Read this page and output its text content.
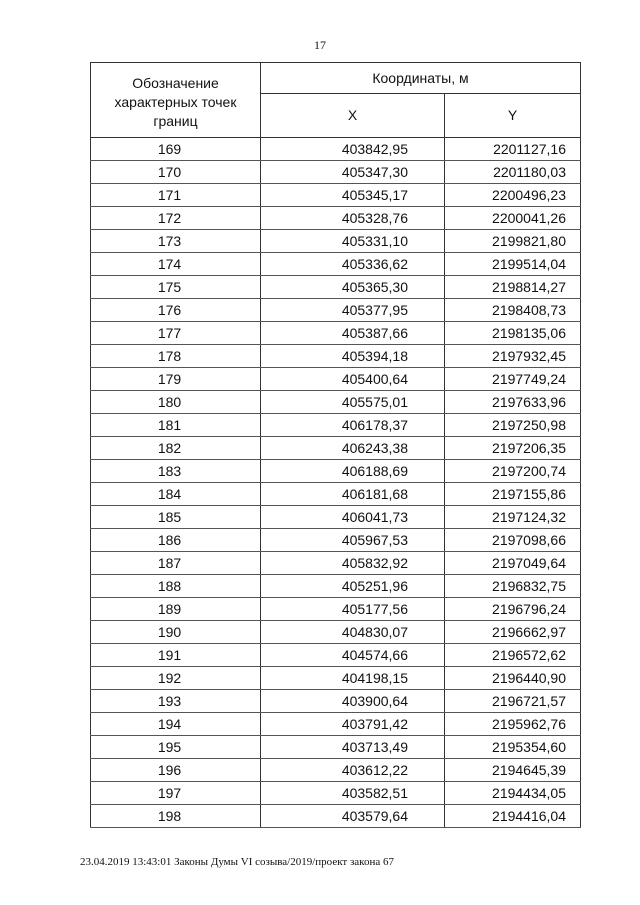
17
Обозначение характерных точек границ	Координаты, м	
	X	Y
169	403842,95	2201127,16
170	405347,30	2201180,03
171	405345,17	2200496,23
172	405328,76	2200041,26
173	405331,10	2199821,80
174	405336,62	2199514,04
175	405365,30	2198814,27
176	405377,95	2198408,73
177	405387,66	2198135,06
178	405394,18	2197932,45
179	405400,64	2197749,24
180	405575,01	2197633,96
181	406178,37	2197250,98
182	406243,38	2197206,35
183	406188,69	2197200,74
184	406181,68	2197155,86
185	406041,73	2197124,32
186	405967,53	2197098,66
187	405832,92	2197049,64
188	405251,96	2196832,75
189	405177,56	2196796,24
190	404830,07	2196662,97
191	404574,66	2196572,62
192	404198,15	2196440,90
193	403900,64	2196721,57
194	403791,42	2195962,76
195	403713,49	2195354,60
196	403612,22	2194645,39
197	403582,51	2194434,05
198	403579,64	2194416,04
23.04.2019 13:43:01 Законы Думы VI созыва/2019/проект закона 67
